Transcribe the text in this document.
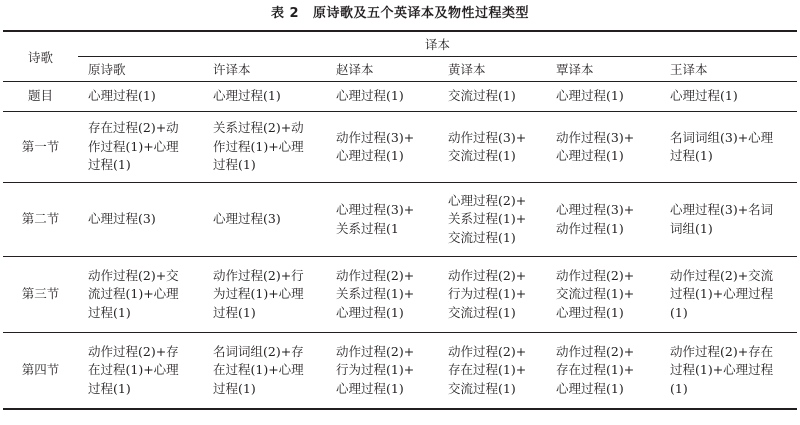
表 2 原诗歌及五个英译本及物性过程类型
诗歌	译本					
	原诗歌	许译本	赵译本	黄译本	覃译本	王译本
题目	心理过程(1)	心理过程(1)	心理过程(1)	交流过程(1)	心理过程(1)	心理过程(1)

第一节	存在过程(2)+动
作过程(1)+心理
过程(1)	关系过程(2)+动
作过程(1)+心理
过程(1)	动作过程(3)+
心理过程(1)	动作过程(3)+
交流过程(1)	动作过程(3)+
心理过程(1)	名词词组(3)+心理
过程(1)

第二节	心理过程(3)	心理过程(3)	心理过程(3)+
关系过程(1	心理过程(2)+
关系过程(1)+
交流过程(1)	心理过程(3)+
动作过程(1)	心理过程(3)+名词
词组(1)

第三节	动作过程(2)+交
流过程(1)+心理
过程(1)	动作过程(2)+行
为过程(1)+心理
过程(1)	动作过程(2)+
关系过程(1)+
心理过程(1)	动作过程(2)+
行为过程(1)+
交流过程(1)	动作过程(2)+
交流过程(1)+
心理过程(1)	动作过程(2)+交流
过程(1)+心理过程
(1)

第四节	动作过程(2)+存
在过程(1)+心理
过程(1)	名词词组(2)+存
在过程(1)+心理
过程(1)	动作过程(2)+
行为过程(1)+
心理过程(1)	动作过程(2)+
存在过程(1)+
交流过程(1)	动作过程(2)+
存在过程(1)+
心理过程(1)	动作过程(2)+存在
过程(1)+心理过程
(1)
